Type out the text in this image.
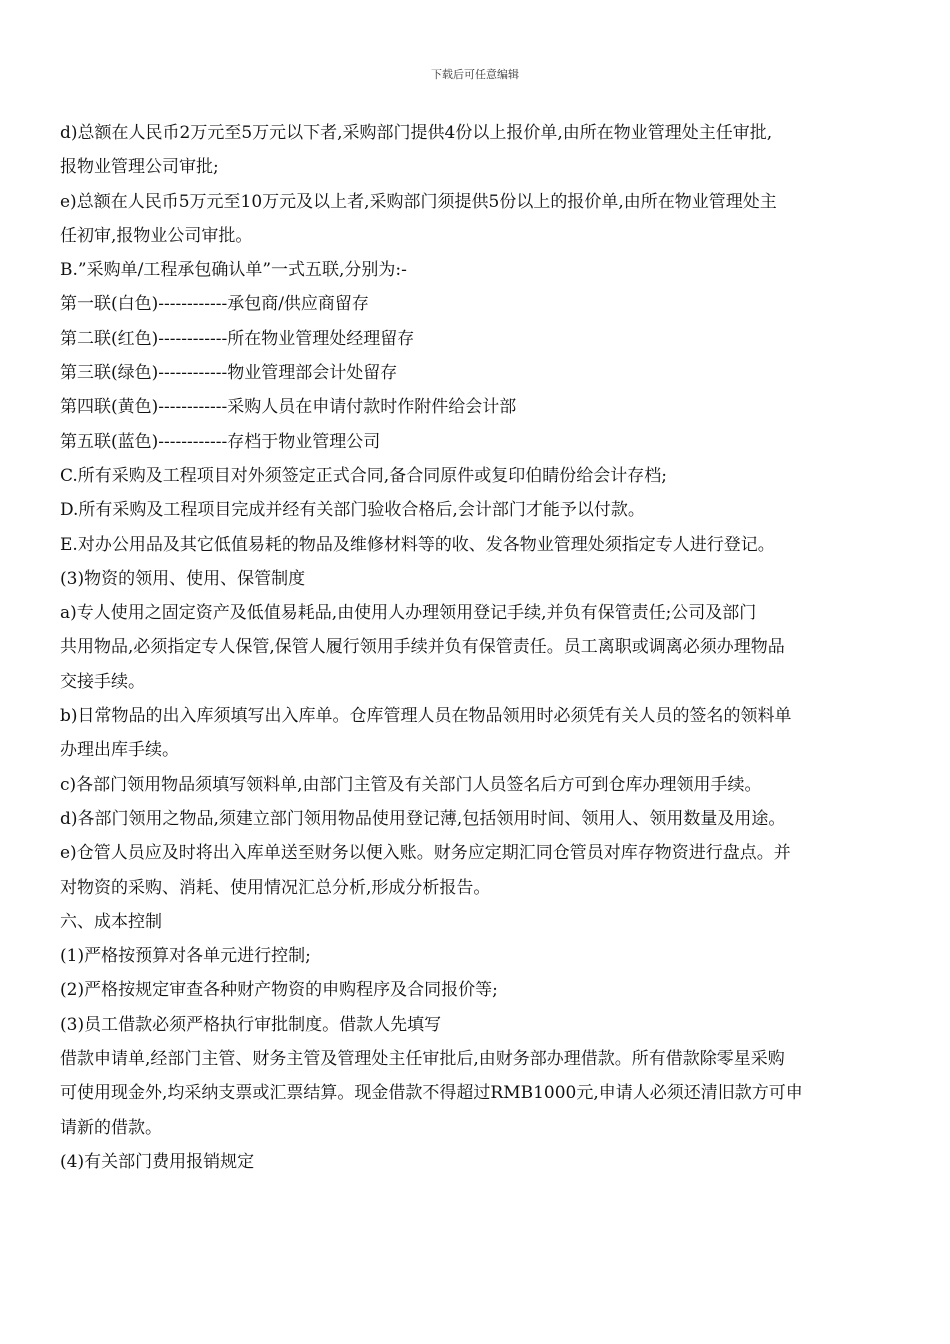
下载后可任意编辑
d)总额在人民币2万元至5万元以下者,采购部门提供4份以上报价单,由所在物业管理处主任审批,
报物业管理公司审批;
e)总额在人民币5万元至10万元及以上者,采购部门须提供5份以上的报价单,由所在物业管理处主
任初审,报物业公司审批。
B.”采购单/工程承包确认单”一式五联,分别为:-
第一联(白色)------------承包商/供应商留存
第二联(红色)------------所在物业管理处经理留存
第三联(绿色)------------物业管理部会计处留存
第四联(黄色)------------采购人员在申请付款时作附件给会计部
第五联(蓝色)------------存档于物业管理公司
C.所有采购及工程项目对外须签定正式合同,备合同原件或复印伯睛份给会计存档;
D.所有采购及工程项目完成并经有关部门验收合格后,会计部门才能予以付款。
E.对办公用品及其它低值易耗的物品及维修材料等的收、发各物业管理处须指定专人进行登记。
(3)物资的领用、使用、保管制度
a)专人使用之固定资产及低值易耗品,由使用人办理领用登记手续,并负有保管责任;公司及部门
共用物品,必须指定专人保管,保管人履行领用手续并负有保管责任。员工离职或调离必须办理物品
交接手续。
b)日常物品的出入库须填写出入库单。仓库管理人员在物品领用时必须凭有关人员的签名的领料单
办理出库手续。
c)各部门领用物品须填写领料单,由部门主管及有关部门人员签名后方可到仓库办理领用手续。
d)各部门领用之物品,须建立部门领用物品使用登记薄,包括领用时间、领用人、领用数量及用途。
e)仓管人员应及时将出入库单送至财务以便入账。财务应定期汇同仓管员对库存物资进行盘点。并
对物资的采购、消耗、使用情况汇总分析,形成分析报告。
六、成本控制
(1)严格按预算对各单元进行控制;
(2)严格按规定审查各种财产物资的申购程序及合同报价等;
(3)员工借款必须严格执行审批制度。借款人先填写
借款申请单,经部门主管、财务主管及管理处主任审批后,由财务部办理借款。所有借款除零星采购
可使用现金外,均采纳支票或汇票结算。现金借款不得超过RMB1000元,申请人必须还清旧款方可申
请新的借款。
(4)有关部门费用报销规定
